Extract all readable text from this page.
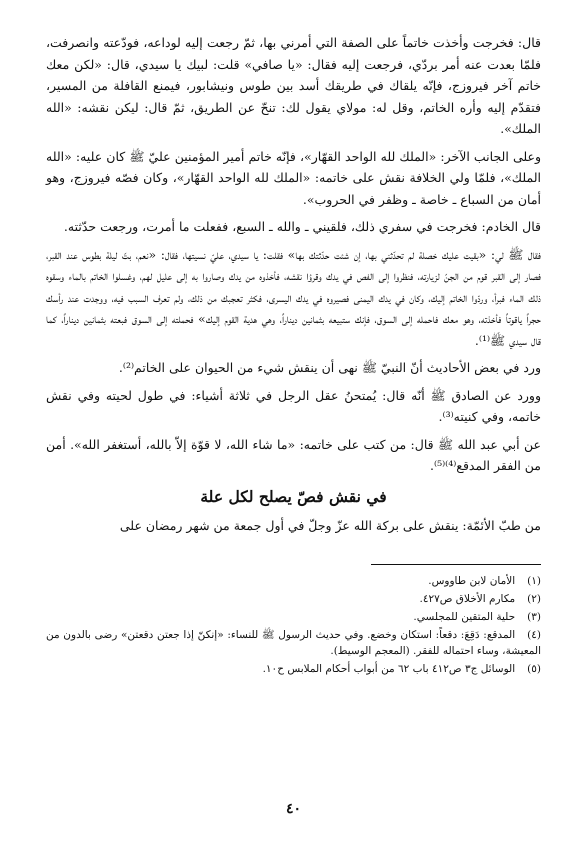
قال: فخرجت وأخذت خاتماً على الصفة التي أمرني بها، ثمّ رجعت إليه لوداعه، فودّعته وانصرفت، فلمّا بعدت عنه أمر بردّي، فرجعت إليه فقال: «يا صافي» قلت: لبيك يا سيدي، قال: «لكن معك خاتم آخر فيروزج، فإنّه يلقاك في طريقك أسد بين طوس ونيشابور، فيمنع القافلة من المسير، فتقدّم إليه وأره الخاتم، وقل له: مولاي يقول لك: تنحّ عن الطريق، ثمّ قال: ليكن نقشه: «الله الملك».

وعلى الجانب الآخر: «الملك لله الواحد القهّار»، فإنّه خاتم أمير المؤمنين عليّ ﷺ كان عليه: «الله الملك»، فلمّا ولي الخلافة نقش على خاتمه: «الملك لله الواحد القهّار»، وكان فصّه فيروزج، وهو أمان من السباع ـ خاصة ـ وظفر في الحروب».

قال الخادم: فخرجت في سفري ذلك، فلقيني ـ والله ـ السبع، ففعلت ما أمرت، ورجعت حدّثته.

فقال ﷺ لي: «بقيت عليك خصلة لم تحدّثني بها، إن شئت حدّثتك بها» فقلت: يا سيدي، عليّ نسيتها، فقال: «نعم، بتّ ليلة بطوس عند القبر، فصار إلى القبر قوم من الجنّ لزيارته، فنظروا إلى الفص في يدك وقرؤا نقشه، فأخذوه من يدك وصاروا به إلى عليل لهم، وغسلوا الخاتم بالماء وسقوه ذلك الماء فبرأ، وردّوا الخاتم إليك، وكان في يدك اليمنى فصيروه في يدك اليسرى، فكثر تعجبك من ذلك، ولم تعرف السبب فيه، ووجدت عند رأسك حجراً ياقوتاً فأخذته، وهو معك فاحمله إلى السوق، فإنك ستبيعه بثمانين ديناراً، وهي هدية القوم إليك» فحملته إلى السوق فبعته بثمانين ديناراً، كما قال سيدي ﷺ⁽¹⁾.

ورد في بعض الأحاديث أنّ النبيّ ﷺ نهى أن ينقش شيء من الحيوان على الخاتم⁽²⁾.

وورد عن الصادق ﷺ أنّه قال: يُمتحنُ عقل الرجل في ثلاثة أشياء: في طول لحيته وفي نقش خاتمه، وفي كنيته⁽³⁾.

عن أبي عبد الله ﷺ قال: من كتب على خاتمه: «ما شاء الله، لا قوّة إلاّ بالله، أستغفر الله». أمن من الفقر المدقع⁽⁴⁾⁽⁵⁾.

في نقش فصّ يصلح لكل علة

من طبّ الأئمّة: ينقش على بركة الله عزّ وجلّ في أول جمعة من شهر رمضان على

(١)الأمان لابن طاووس.

(٢)مكارم الأخلاق ص٤٢٧.

(٣)حلية المتقين للمجلسي.

(٤)المدقع: دَقِعَ: دقعاً: استكان وخضع. وفي حديث الرسول ﷺ للنساء: «إنكنّ إذا جعتن دقعتن» رضى بالدون من المعيشة، وساء احتماله للفقر. (المعجم الوسيط).

(٥)الوسائل ج٣ ص٤١٢ باب ٦٢ من أبواب أحكام الملابس ح١٠.

٤٠
